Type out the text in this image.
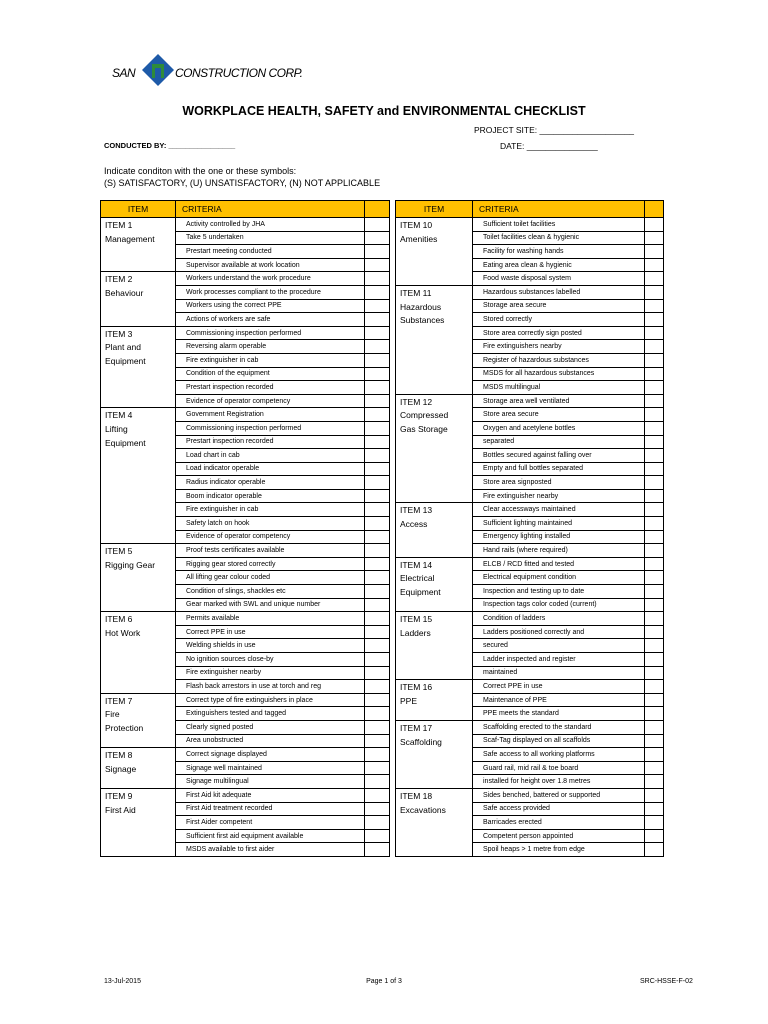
SAN	CONSTRUCTION CORP.
WORKPLACE HEALTH, SAFETY and ENVIRONMENTAL CHECKLIST
PROJECT SITE: ____________________
CONDUCTED BY: ________________	DATE: _______________
Indicate conditon with the one or these symbols:
(S) SATISFACTORY, (U) UNSATISFACTORY, (N) NOT APPLICABLE
ITEM	CRITERIA	

ITEM 1
Management	Activity controlled by JHA	
	Take 5 undertaken	
	Prestart meeting conducted	
	Supervisor available at work location	

ITEM 2
Behaviour	Workers understand the work procedure	
	Work processes compliant to the procedure	
	Workers using the correct PPE	
	Actions of workers are safe	

ITEM 3
Plant and
Equipment	Commissioning inspection performed	
	Reversing alarm operable	
	Fire extinguisher in cab	
	Condition of the equipment	
	Prestart inspection recorded	
	Evidence of operator competency	

ITEM 4
Lifting
Equipment	Government Registration	
	Commissioning inspection performed	
	Prestart inspection recorded	
	Load chart in cab	
	Load indicator operable	
	Radius indicator operable	
	Boom indicator operable	
	Fire extinguisher in cab	
	Safety latch on hook	
	Evidence of operator competency	

ITEM 5
Rigging Gear	Proof tests certificates available	
	Rigging gear stored correctly	
	All lifting gear colour coded	
	Condition of slings, shackles etc	
	Gear marked with SWL and unique number	

ITEM 6
Hot Work	Permits available	
	Correct PPE in use	
	Welding shields in use	
	No ignition sources close-by	
	Fire extinguisher nearby	
	Flash back arrestors in use at torch and reg	

ITEM 7
Fire
Protection	Correct type of fire extinguishers in place	
	Extinguishers tested and tagged	
	Clearly signed posted	
	Area unobstructed	

ITEM 8
Signage	Correct signage displayed	
	Signage well maintained	
	Signage multilingual	

ITEM 9
First Aid	First Aid kit adequate	
	First Aid treatment recorded	
	First Aider competent	
	Sufficient first aid equipment available	
	MSDS available to first aider	
ITEM	CRITERIA	

ITEM 10
Amenities	Sufficient toilet facilities	
	Toilet facilities clean & hygienic	
	Facility for washing hands	
	Eating area clean & hygienic	
	Food waste disposal system	

ITEM 11
Hazardous
Substances	Hazardous substances labelled	
	Storage area secure	
	Stored correctly	
	Store area correctly sign posted	
	Fire extinguishers nearby	
	Register of hazardous substances	
	MSDS for all hazardous substances	
	MSDS multilingual	

ITEM 12
Compressed
Gas Storage	Storage area well ventilated	
	Store area secure	
	Oxygen and acetylene bottles	
	separated	
	Bottles secured against falling over	
	Empty and full bottles separated	
	Store area signposted	
	Fire extinguisher nearby	

ITEM 13
Access	Clear accessways maintained	
	Sufficient lighting maintained	
	Emergency lighting installed	
	Hand rails (where required)	

ITEM 14
Electrical
Equipment	ELCB / RCD fitted and tested	
	Electrical equipment condition	
	Inspection and testing up to date	
	Inspection tags color coded (current)	

ITEM 15
Ladders	Condition of ladders	
	Ladders positioned correctly and	
	secured	
	Ladder inspected and register	
	maintained	

ITEM 16
PPE	Correct PPE in use	
	Maintenance of PPE	
	PPE meets the standard	

ITEM 17
Scaffolding	Scaffolding erected to the standard	
	Scaf-Tag displayed on all scaffolds	
	Safe access to all working platforms	
	Guard rail, mid rail & toe board	
	installed for height over 1.8 metres	

ITEM 18
Excavations	Sides benched, battered or supported	
	Safe access provided	
	Barricades erected	
	Competent person appointed	
	Spoil heaps > 1 metre from edge	
13-Jul-2015	Page 1 of 3	SRC-HSSE-F-02
